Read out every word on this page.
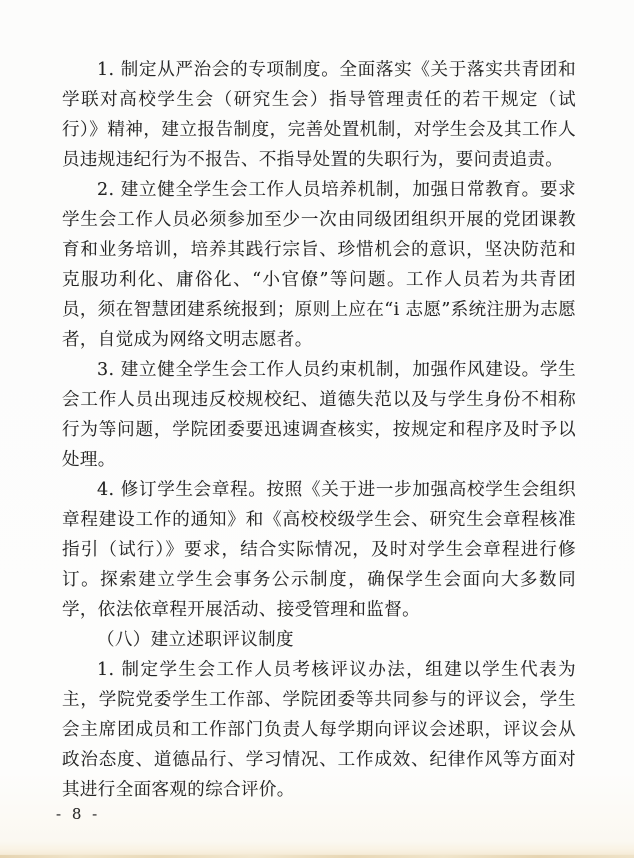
1. 制定从严治会的专项制度。全面落实《关于落实共青团和学联对高校学生会（研究生会）指导管理责任的若干规定（试行）》精神，建立报告制度，完善处置机制，对学生会及其工作人员违规违纪行为不报告、不指导处置的失职行为，要问责追责。

2. 建立健全学生会工作人员培养机制，加强日常教育。要求学生会工作人员必须参加至少一次由同级团组织开展的党团课教育和业务培训，培养其践行宗旨、珍惜机会的意识，坚决防范和克服功利化、庸俗化、“小官僚”等问题。工作人员若为共青团员，须在智慧团建系统报到；原则上应在“i 志愿”系统注册为志愿者，自觉成为网络文明志愿者。

3. 建立健全学生会工作人员约束机制，加强作风建设。学生会工作人员出现违反校规校纪、道德失范以及与学生身份不相称行为等问题，学院团委要迅速调查核实，按规定和程序及时予以处理。

4. 修订学生会章程。按照《关于进一步加强高校学生会组织章程建设工作的通知》和《高校校级学生会、研究生会章程核准指引（试行）》要求，结合实际情况，及时对学生会章程进行修订。探索建立学生会事务公示制度，确保学生会面向大多数同学，依法依章程开展活动、接受管理和监督。

（八）建立述职评议制度

1. 制定学生会工作人员考核评议办法，组建以学生代表为主，学院党委学生工作部、学院团委等共同参与的评议会，学生会主席团成员和工作部门负责人每学期向评议会述职，评议会从政治态度、道德品行、学习情况、工作成效、纪律作风等方面对其进行全面客观的综合评价。

- 8 -
